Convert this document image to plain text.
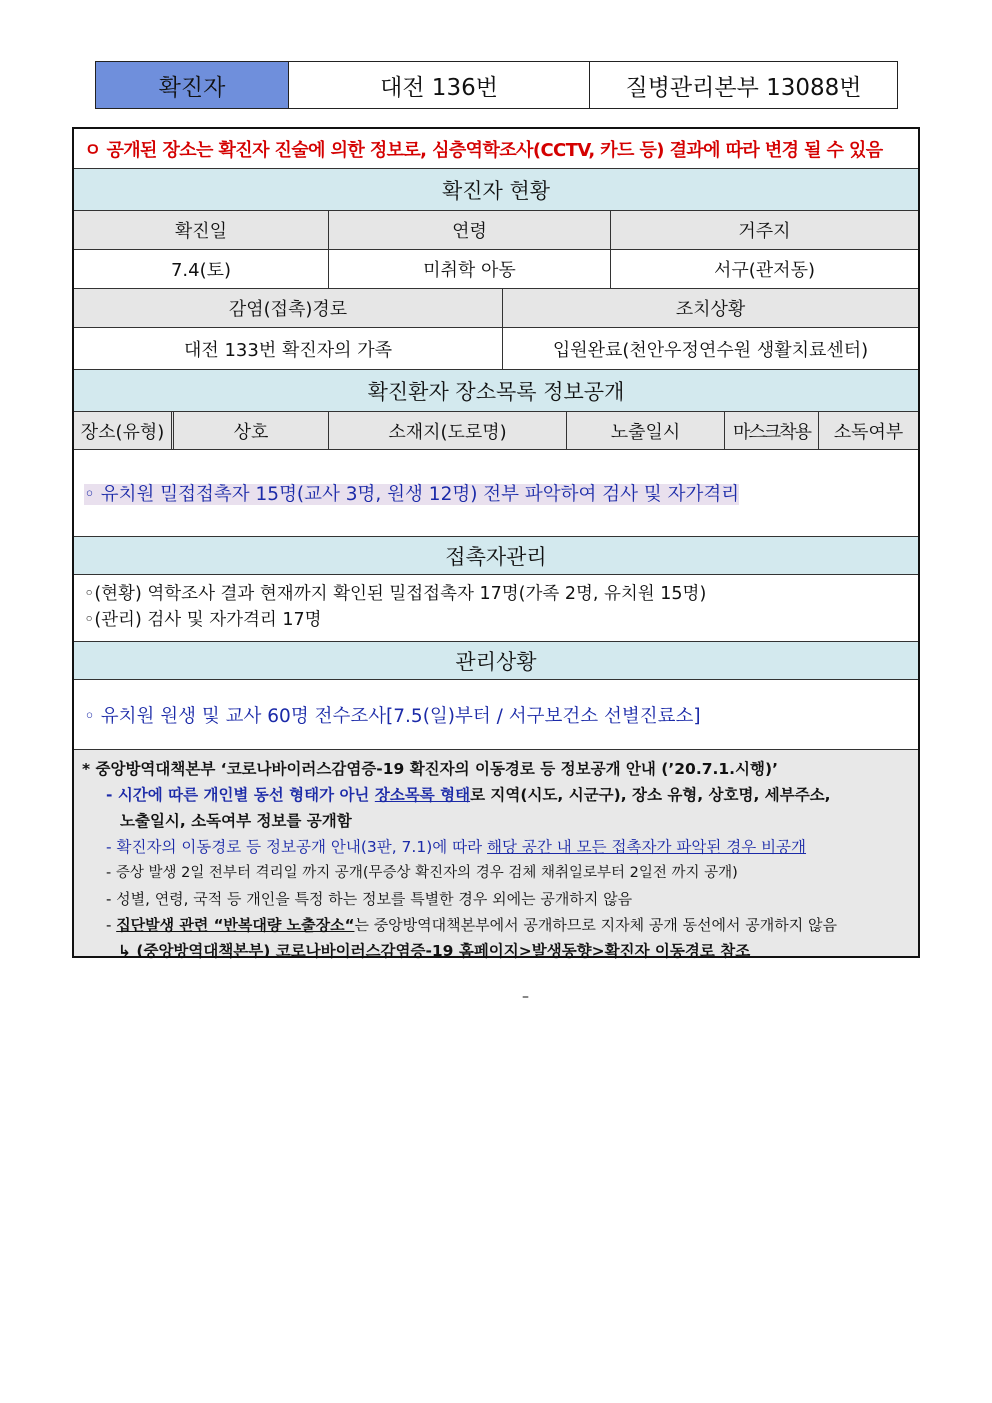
확진자	대전 136번	질병관리본부 13088번
ㅇ 공개된 장소는 확진자 진술에 의한 정보로, 심층역학조사(CCTV, 카드 등) 결과에 따라 변경 될 수 있음
확진자 현황
확진일	연령	거주지
7.4(토)	미취학 아동	서구(관저동)
감염(접촉)경로	조치상황
대전 133번 확진자의 가족	입원완료(천안우정연수원 생활치료센터)
확진환자 장소목록 정보공개
장소(유형)	상호	소재지(도로명)	노출일시	마스크착용	소독여부
◦ 유치원 밀접접촉자 15명(교사 3명, 원생 12명) 전부 파악하여 검사 및 자가격리
접촉자관리
◦(현황) 역학조사 결과 현재까지 확인된 밀접접촉자 17명(가족 2명, 유치원 15명)
◦(관리) 검사 및 자가격리 17명
관리상황
◦ 유치원 원생 및 교사 60명 전수조사[7.5(일)부터 / 서구보건소 선별진료소]
* 중앙방역대책본부 ‘코로나바이러스감염증-19 확진자의 이동경로 등 정보공개 안내 (’20.7.1.시행)’
- 시간에 따른 개인별 동선 형태가 아닌 장소목록 형태로 지역(시도, 시군구), 장소 유형, 상호명, 세부주소,
노출일시, 소독여부 정보를 공개함
- 확진자의 이동경로 등 정보공개 안내(3판, 7.1)에 따라 해당 공간 내 모든 접촉자가 파악된 경우 비공개
- 증상 발생 2일 전부터 격리일 까지 공개(무증상 확진자의 경우 검체 채취일로부터 2일전 까지 공개)
- 성별, 연령, 국적 등 개인을 특정 하는 정보를 특별한 경우 외에는 공개하지 않음
- 집단발생 관련 “반복대량 노출장소“는 중앙방역대책본부에서 공개하므로 지자체 공개 동선에서 공개하지 않음
↳ (중앙방역대책본부) 코로나바이러스감염증-19 홈페이지>발생동향>확진자 이동경로 참조
–
